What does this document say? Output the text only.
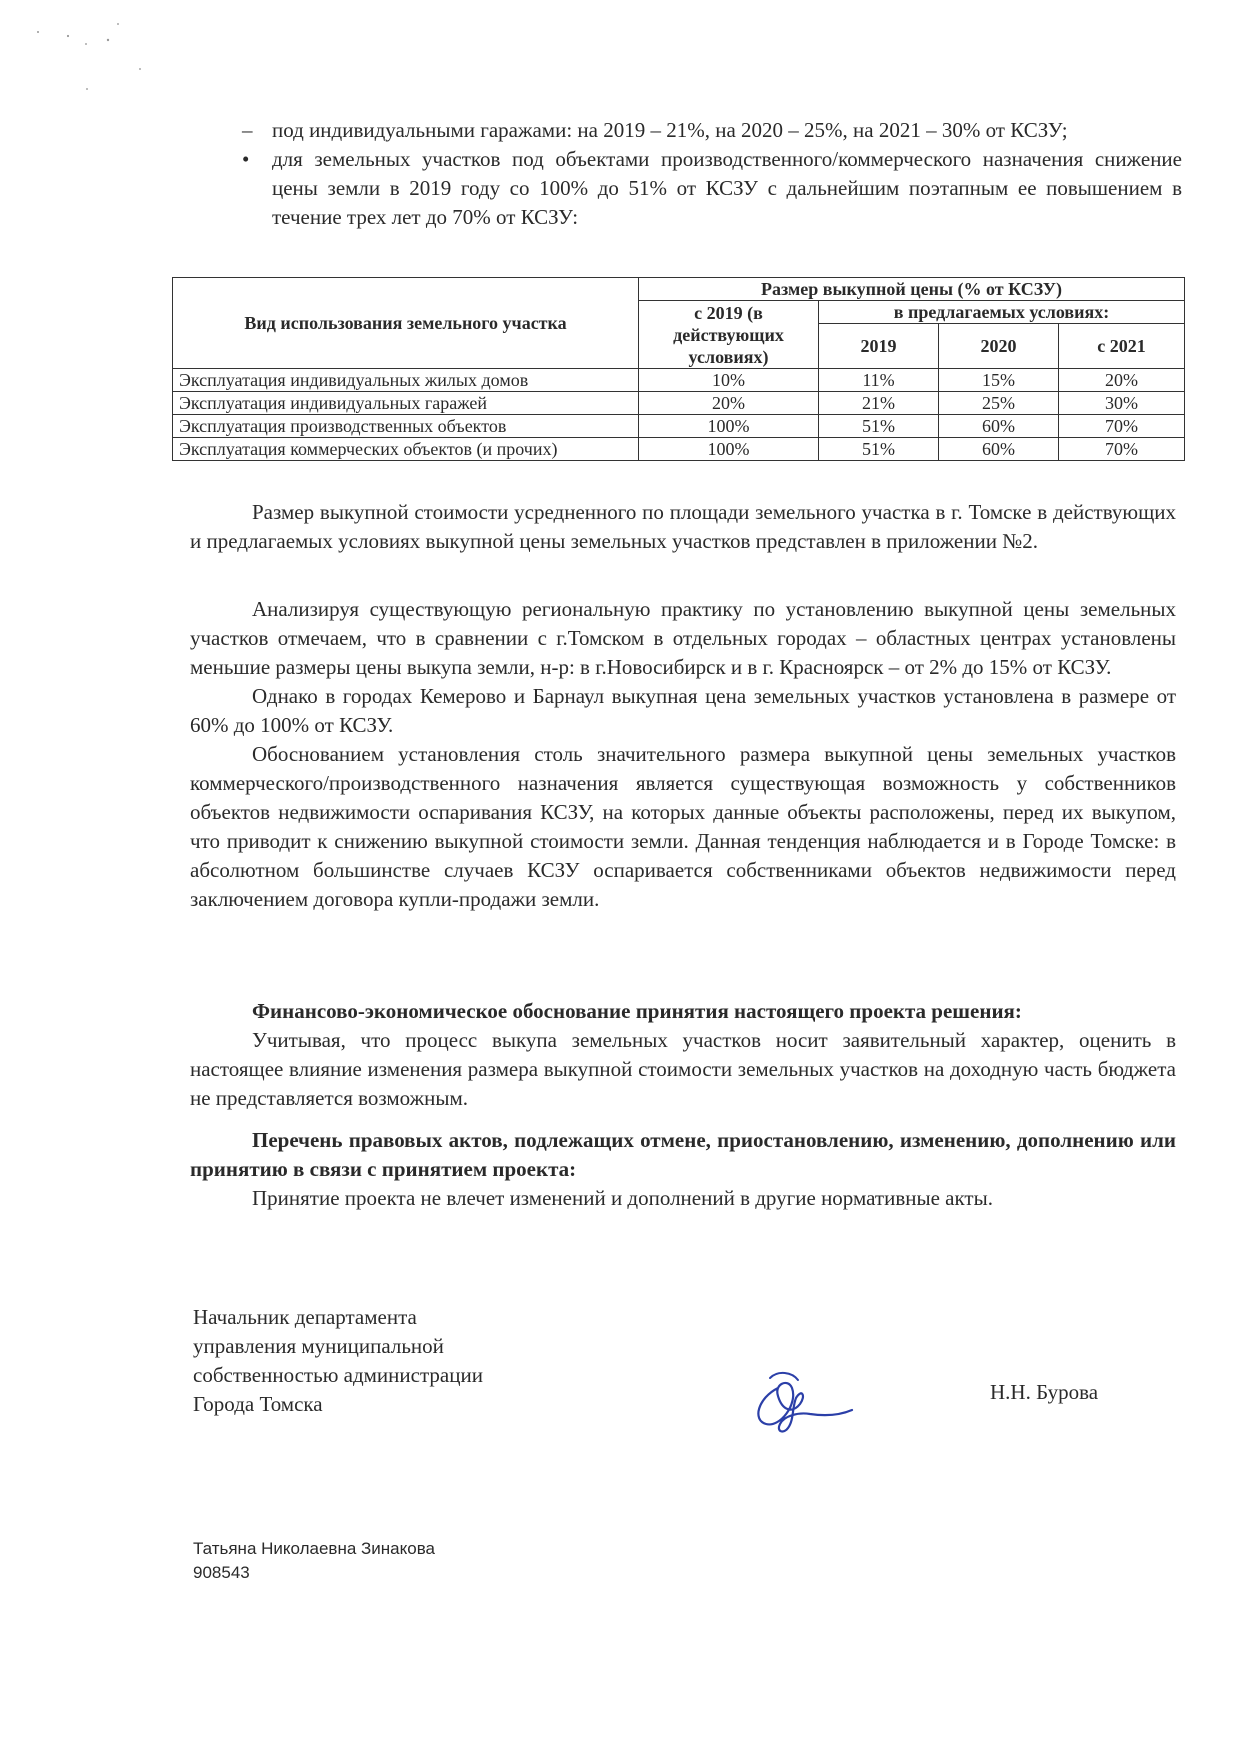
– под индивидуальными гаражами: на 2019 – 21%, на 2020 – 25%, на 2021 – 30% от КСЗУ;
•	для земельных участков под объектами производственного/коммерческого назначения снижение цены земли в 2019 году со 100% до 51% от КСЗУ с дальнейшим поэтапным ее повышением в течение трех лет до 70% от КСЗУ:
Вид использования земельного участка	Размер выкупной цены (% от КСЗУ)			
	с 2019 (в действующих условиях)	в предлагаемых условиях:		
		2019	2020	с 2021
Эксплуатация индивидуальных жилых домов	10%	11%	15%	20%
Эксплуатация индивидуальных гаражей	20%	21%	25%	30%
Эксплуатация производственных объектов	100%	51%	60%	70%
Эксплуатация коммерческих объектов (и прочих)	100%	51%	60%	70%

Размер выкупной стоимости усредненного по площади земельного участка в г. Томске в действующих и предлагаемых условиях выкупной цены земельных участков представлен в приложении №2.

Анализируя существующую региональную практику по установлению выкупной цены земельных участков отмечаем, что в сравнении с г.Томском в отдельных городах – областных центрах установлены меньшие размеры цены выкупа земли, н-р: в г.Новосибирск и в г. Красноярск – от 2% до 15% от КСЗУ.

Однако в городах Кемерово и Барнаул выкупная цена земельных участков установлена в размере от 60% до 100% от КСЗУ.

Обоснованием установления столь значительного размера выкупной цены земельных участков коммерческого/производственного назначения является существующая возможность у собственников объектов недвижимости оспаривания КСЗУ, на которых данные объекты расположены, перед их выкупом, что приводит к снижению выкупной стоимости земли. Данная тенденция наблюдается и в Городе Томске: в абсолютном большинстве случаев КСЗУ оспаривается собственниками объектов недвижимости перед заключением договора купли-продажи земли.

Финансово-экономическое обоснование принятия настоящего проекта решения:

Учитывая, что процесс выкупа земельных участков носит заявительный характер, оценить в настоящее влияние изменения размера выкупной стоимости земельных участков на доходную часть бюджета не представляется возможным.

Перечень правовых актов, подлежащих отмене, приостановлению, изменению, дополнению или принятию в связи с принятием проекта:

Принятие проекта не влечет изменений и дополнений в другие нормативные акты.

Начальник департамента
управления муниципальной
собственностью администрации
Города Томска	Н.Н. Бурова
Татьяна Николаевна Зинакова
908543
